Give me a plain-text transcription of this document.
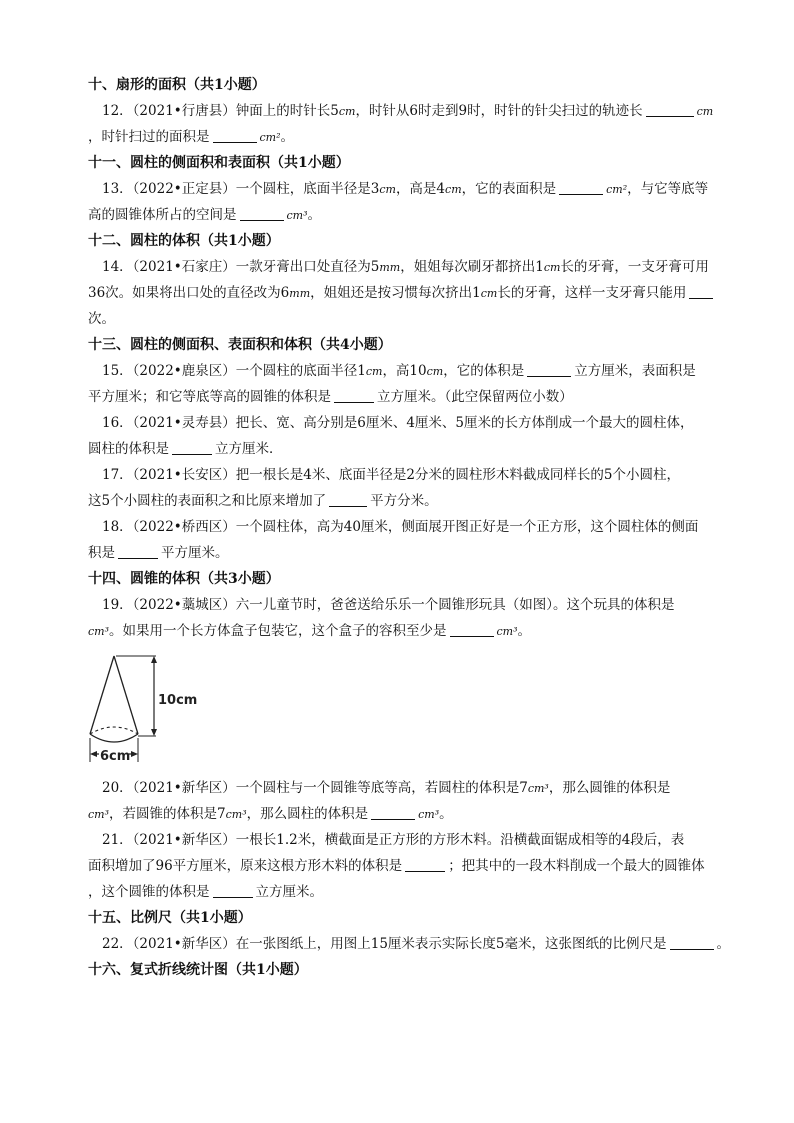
十、扇形的面积（共1小题）
12．（2021•行唐县）钟面上的时针长5cm，时针从6时走到9时，时针的针尖扫过的轨迹长	cm
，时针扫过的面积是	cm²。
十一、圆柱的侧面积和表面积（共1小题）
13．（2022•正定县）一个圆柱，底面半径是3cm，高是4cm，它的表面积是	cm²，与它等底等
高的圆锥体所占的空间是	cm³。
十二、圆柱的体积（共1小题）
14．（2021•石家庄）一款牙膏出口处直径为5mm，姐姐每次刷牙都挤出1cm长的牙膏，一支牙膏可用
36次。如果将出口处的直径改为6mm，姐姐还是按习惯每次挤出1cm长的牙膏，这样一支牙膏只能用
次。
十三、圆柱的侧面积、表面积和体积（共4小题）
15．（2022•鹿泉区）一个圆柱的底面半径1cm，高10cm，它的体积是	立方厘米，表面积是
平方厘米；和它等底等高的圆锥的体积是	立方厘米。（此空保留两位小数）
16．（2021•灵寿县）把长、宽、高分别是6厘米、4厘米、5厘米的长方体削成一个最大的圆柱体，
圆柱的体积是	立方厘米．
17．（2021•长安区）把一根长是4米、底面半径是2分米的圆柱形木料截成同样长的5个小圆柱，
这5个小圆柱的表面积之和比原来增加了	平方分米。
18．（2022•桥西区）一个圆柱体，高为40厘米，侧面展开图正好是一个正方形，这个圆柱体的侧面
积是	平方厘米。
十四、圆锥的体积（共3小题）
19．（2022•藁城区）六一儿童节时，爸爸送给乐乐一个圆锥形玩具（如图）。这个玩具的体积是
cm³。如果用一个长方体盒子包装它，这个盒子的容积至少是	cm³。
10cm
6cm
20．（2021•新华区）一个圆柱与一个圆锥等底等高，若圆柱的体积是7cm³，那么圆锥的体积是
cm³，若圆锥的体积是7cm³，那么圆柱的体积是	cm³。
21．（2021•新华区）一根长1.2米，横截面是正方形的方形木料。沿横截面锯成相等的4段后，表
面积增加了96平方厘米，原来这根方形木料的体积是	；把其中的一段木料削成一个最大的圆锥体
，这个圆锥的体积是	立方厘米。
十五、比例尺（共1小题）
22．（2021•新华区）在一张图纸上，用图上15厘米表示实际长度5毫米，这张图纸的比例尺是	。
十六、复式折线统计图（共1小题）
